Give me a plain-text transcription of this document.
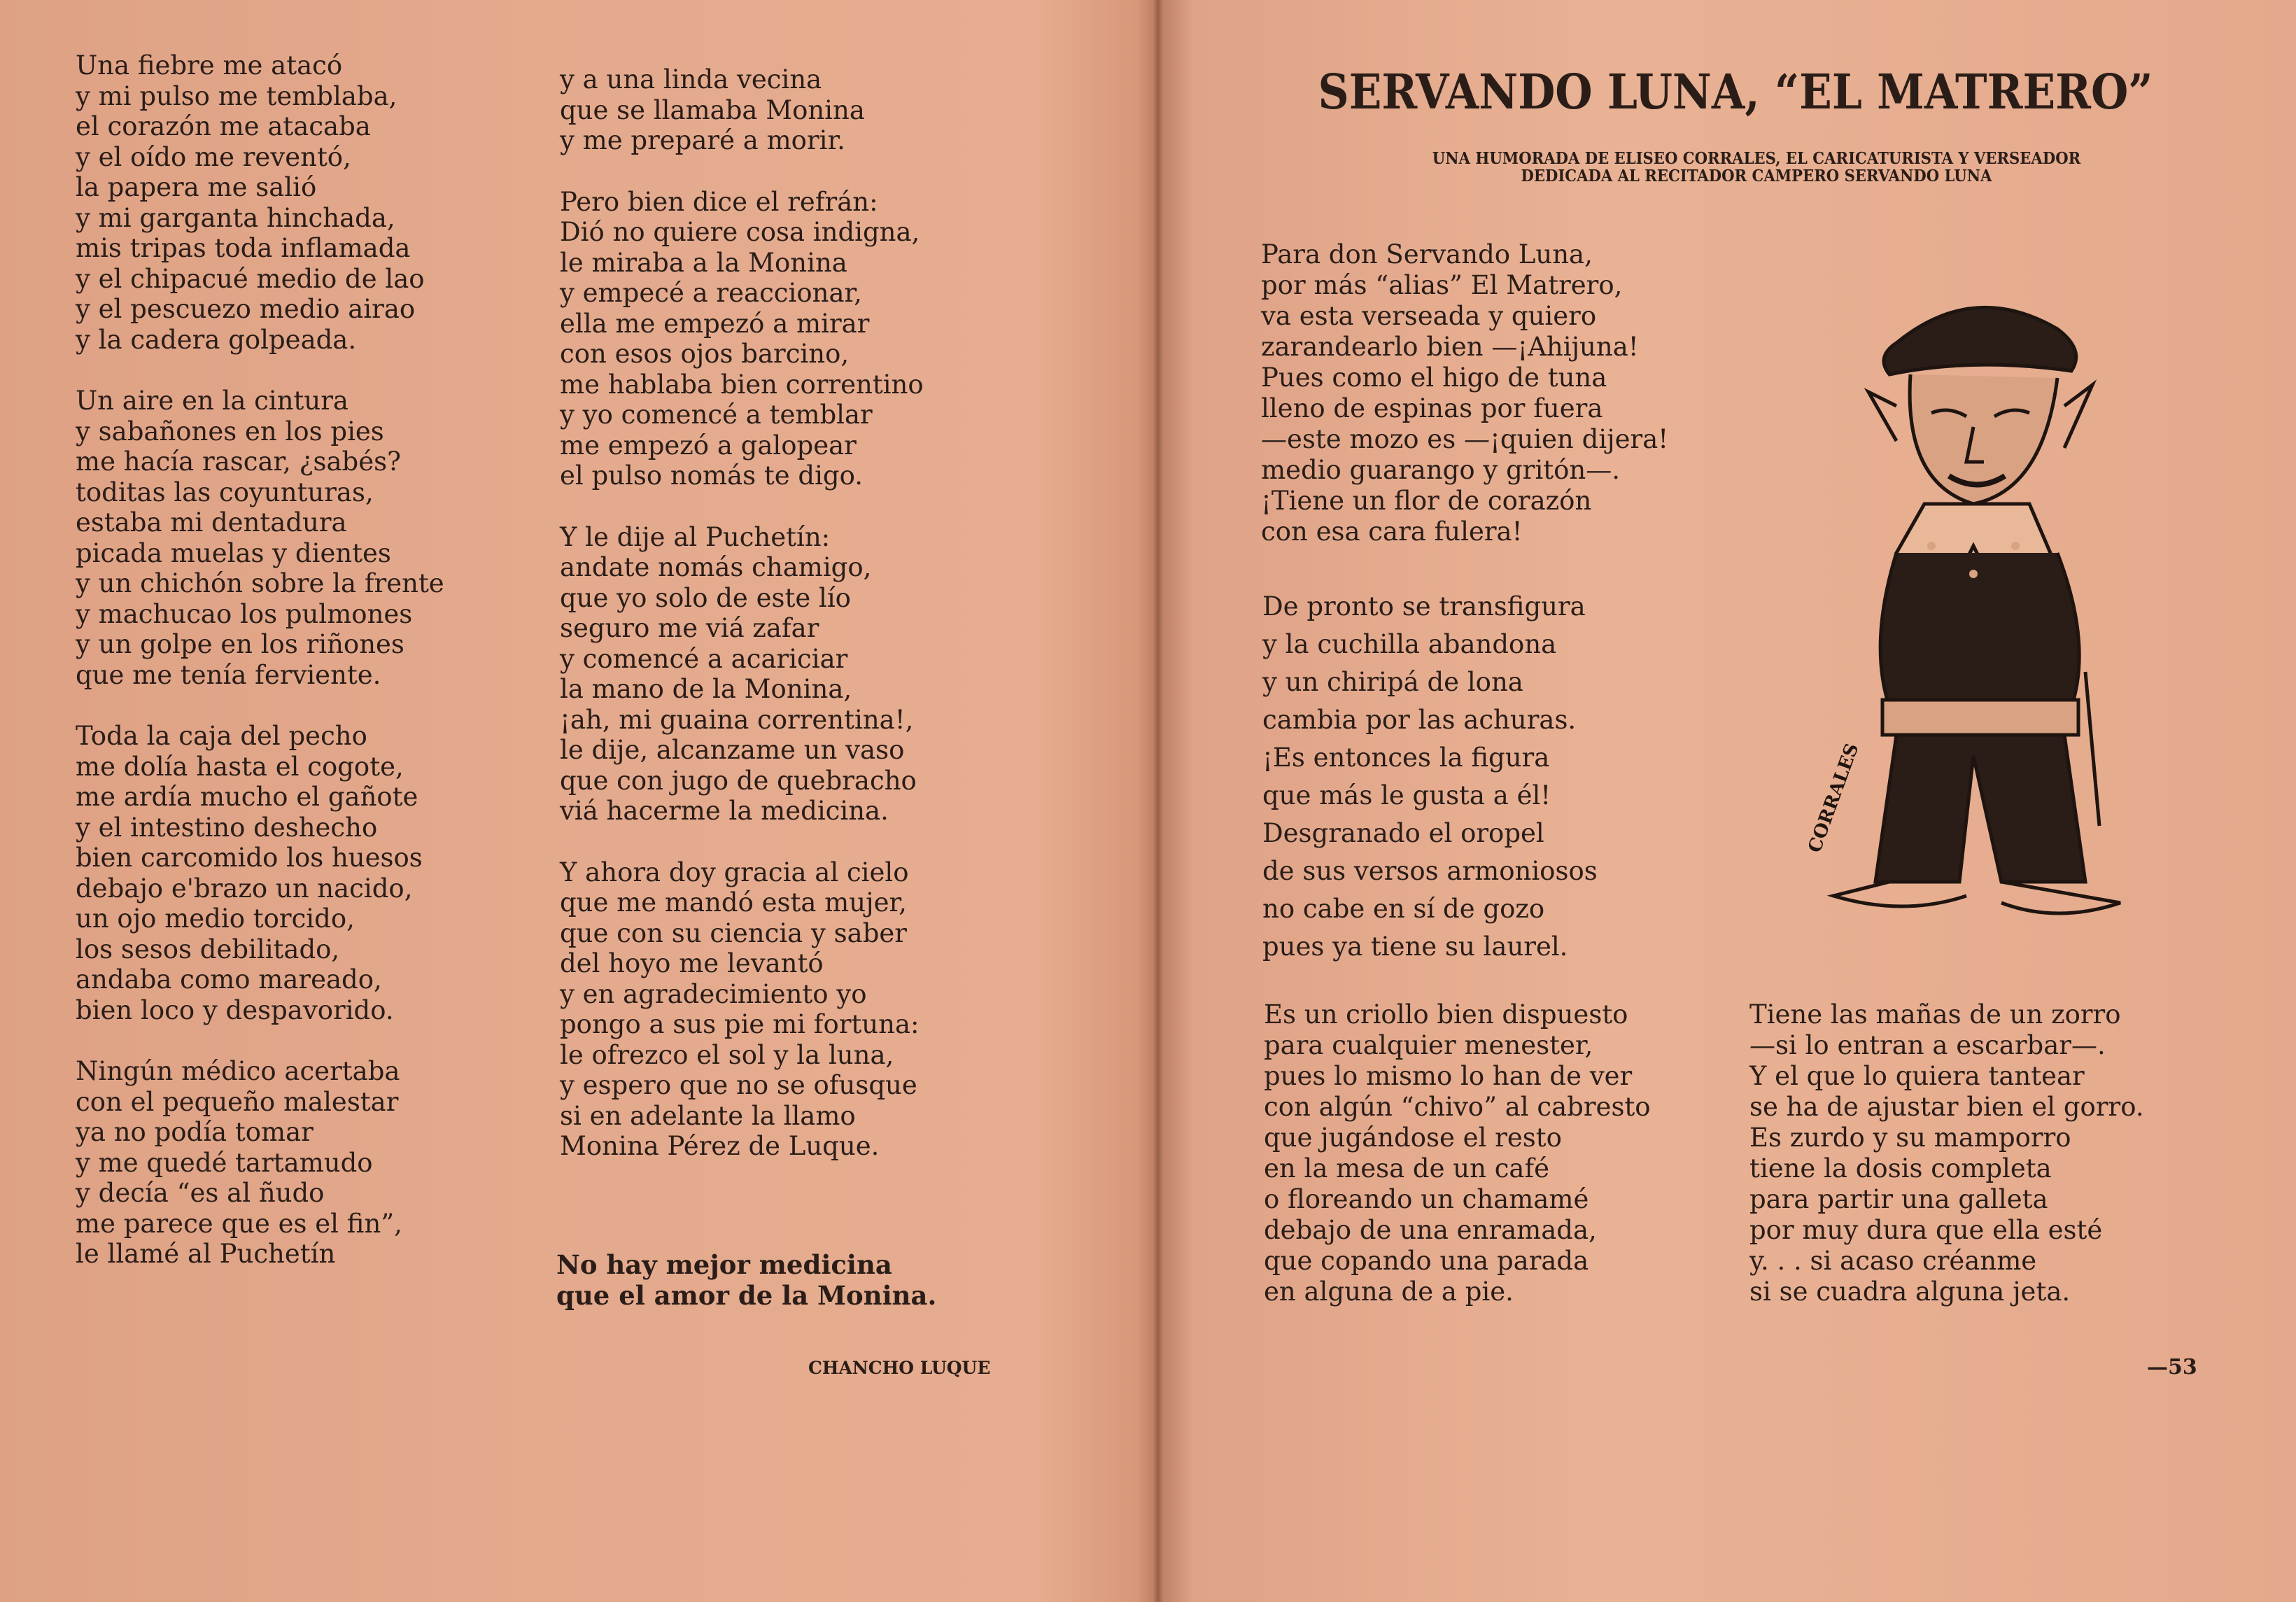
Una fiebre me atacó
y mi pulso me temblaba,
el corazón me atacaba
y el oído me reventó,
la papera me salió
y mi garganta hinchada,
mis tripas toda inflamada
y el chipacué medio de lao
y el pescuezo medio airao
y la cadera golpeada.
Un aire en la cintura
y sabañones en los pies
me hacía rascar, ¿sabés?
toditas las coyunturas,
estaba mi dentadura
picada muelas y dientes
y un chichón sobre la frente
y machucao los pulmones
y un golpe en los riñones
que me tenía ferviente.
Toda la caja del pecho
me dolía hasta el cogote,
me ardía mucho el gañote
y el intestino deshecho
bien carcomido los huesos
debajo e'brazo un nacido,
un ojo medio torcido,
los sesos debilitado,
andaba como mareado,
bien loco y despavorido.
Ningún médico acertaba
con el pequeño malestar
ya no podía tomar
y me quedé tartamudo
y decía “es al ñudo
me parece que es el fin”,
le llamé al Puchetín
y a una linda vecina
que se llamaba Monina
y me preparé a morir.
Pero bien dice el refrán:
Dió no quiere cosa indigna,
le miraba a la Monina
y empecé a reaccionar,
ella me empezó a mirar
con esos ojos barcino,
me hablaba bien correntino
y yo comencé a temblar
me empezó a galopear
el pulso nomás te digo.
Y le dije al Puchetín:
andate nomás chamigo,
que yo solo de este lío
seguro me viá zafar
y comencé a acariciar
la mano de la Monina,
¡ah, mi guaina correntina!,
le dije, alcanzame un vaso
que con jugo de quebracho
viá hacerme la medicina.
Y ahora doy gracia al cielo
que me mandó esta mujer,
que con su ciencia y saber
del hoyo me levantó
y en agradecimiento yo
pongo a sus pie mi fortuna:
le ofrezco el sol y la luna,
y espero que no se ofusque
si en adelante la llamo
Monina Pérez de Luque.
No hay mejor medicina
que el amor de la Monina.
CHANCHO LUQUE
SERVANDO LUNA, “EL MATRERO”
UNA HUMORADA DE ELISEO CORRALES, EL CARICATURISTA Y VERSEADOR
DEDICADA AL RECITADOR CAMPERO SERVANDO LUNA
Para don Servando Luna,
por más “alias” El Matrero,
va esta verseada y quiero
zarandearlo bien —¡Ahijuna!
Pues como el higo de tuna
lleno de espinas por fuera
—este mozo es —¡quien dijera!
medio guarango y gritón—.
¡Tiene un flor de corazón
con esa cara fulera!
De pronto se transfigura
y la cuchilla abandona
y un chiripá de lona
cambia por las achuras.
¡Es entonces la figura
que más le gusta a él!
Desgranado el oropel
de sus versos armoniosos
no cabe en sí de gozo
pues ya tiene su laurel.
Es un criollo bien dispuesto
para cualquier menester,
pues lo mismo lo han de ver
con algún “chivo” al cabresto
que jugándose el resto
en la mesa de un café
o floreando un chamamé
debajo de una enramada,
que copando una parada
en alguna de a pie.
Tiene las mañas de un zorro
—si lo entran a escarbar—.
Y el que lo quiera tantear
se ha de ajustar bien el gorro.
Es zurdo y su mamporro
tiene la dosis completa
para partir una galleta
por muy dura que ella esté
y. . . si acaso créanme
si se cuadra alguna jeta.
CORRALES
—53
